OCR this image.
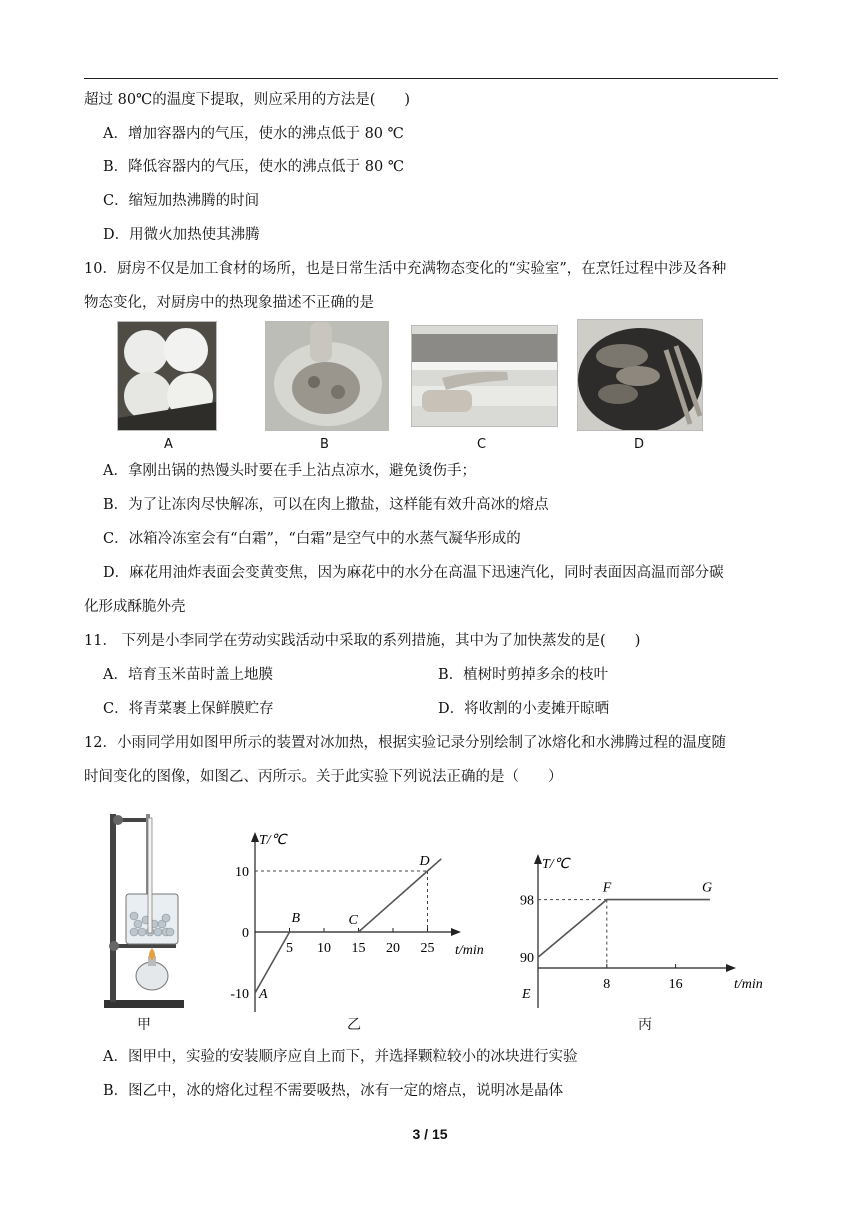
超过 80℃的温度下提取，则应采用的方法是(　　)
A．增加容器内的气压，使水的沸点低于 80 ℃
B．降低容器内的气压，使水的沸点低于 80 ℃
C．缩短加热沸腾的时间
D．用微火加热使其沸腾
10．厨房不仅是加工食材的场所，也是日常生活中充满物态变化的“实验室”，在烹饪过程中涉及各种
物态变化，对厨房中的热现象描述不正确的是
A	B	C	D
A．拿刚出锅的热馒头时要在手上沾点凉水，避免烫伤手；
B．为了让冻肉尽快解冻，可以在肉上撒盐，这样能有效升高冰的熔点
C．冰箱冷冻室会有“白霜”，“白霜”是空气中的水蒸气凝华形成的
D．麻花用油炸表面会变黄变焦，因为麻花中的水分在高温下迅速汽化，同时表面因高温而部分碳
化形成酥脆外壳
11． 下列是小李同学在劳动实践活动中采取的系列措施，其中为了加快蒸发的是(　　)
A．培育玉米苗时盖上地膜	B．植树时剪掉多余的枝叶
C．将青菜裹上保鲜膜贮存	D．将收割的小麦摊开晾晒
12．小雨同学用如图甲所示的装置对冰加热，根据实验记录分别绘制了冰熔化和水沸腾过程的温度随
时间变化的图像，如图乙、丙所示。关于此实验下列说法正确的是（　　）
甲
T/℃
t/min
5 10 15 20 25
-10
0
10
A
B	C
D
乙
T/℃
t/min
8	16
90
98
E
F	G
丙
A．图甲中，实验的安装顺序应自上而下，并选择颗粒较小的冰块进行实验
B．图乙中，冰的熔化过程不需要吸热，冰有一定的熔点，说明冰是晶体
3 / 15
